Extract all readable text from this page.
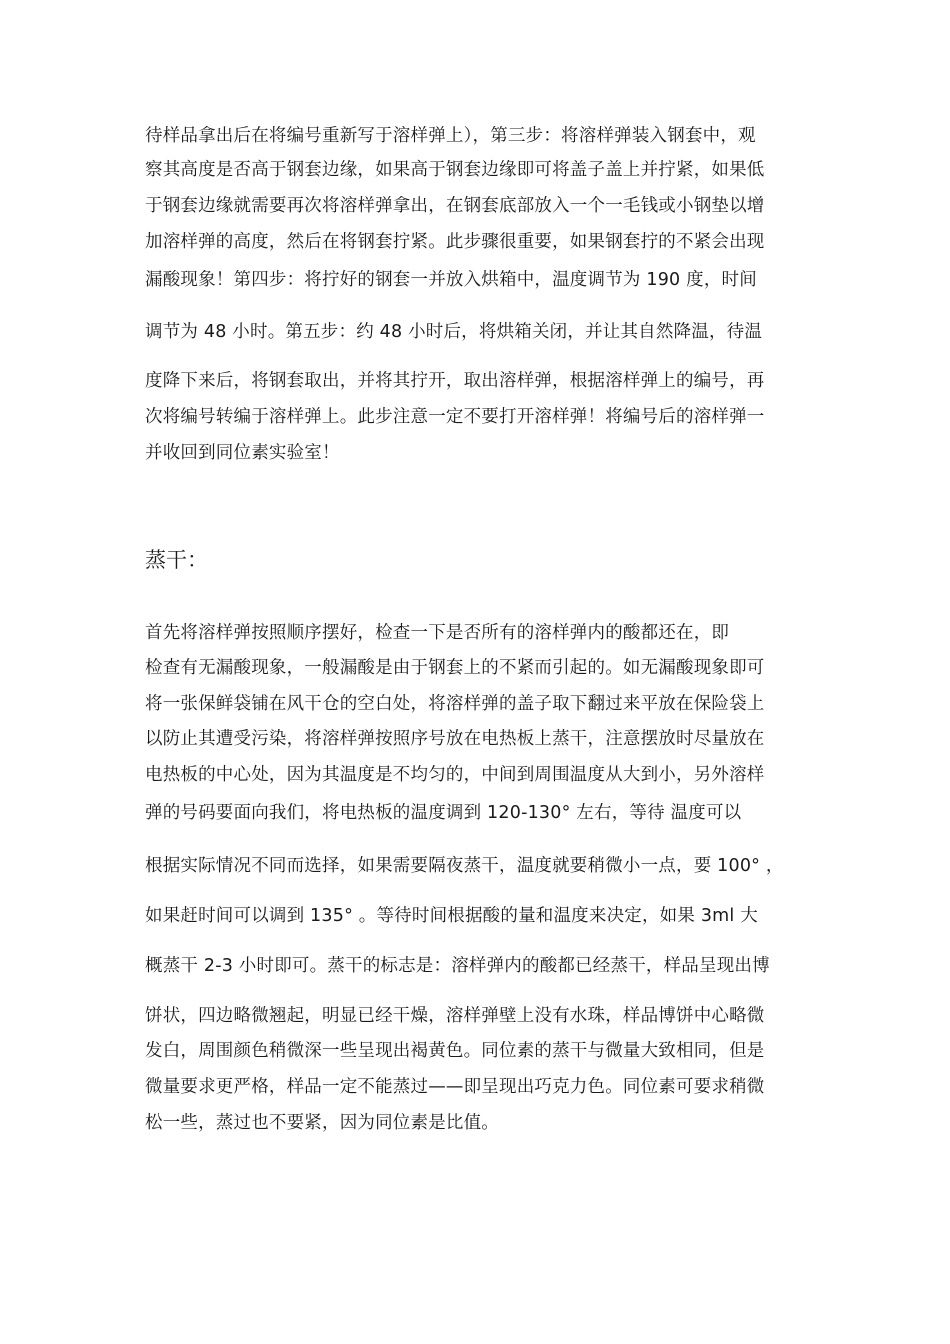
待样品拿出后在将编号重新写于溶样弹上），第三步：将溶样弹装入钢套中，观
察其高度是否高于钢套边缘，如果高于钢套边缘即可将盖子盖上并拧紧，如果低
于钢套边缘就需要再次将溶样弹拿出，在钢套底部放入一个一毛钱或小钢垫以增
加溶样弹的高度，然后在将钢套拧紧。此步骤很重要，如果钢套拧的不紧会出现
漏酸现象！第四步：将拧好的钢套一并放入烘箱中，温度调节为 190 度，时间
调节为 48 小时。第五步：约 48 小时后，将烘箱关闭，并让其自然降温，待温
度降下来后，将钢套取出，并将其拧开，取出溶样弹，根据溶样弹上的编号，再
次将编号转编于溶样弹上。此步注意一定不要打开溶样弹！将编号后的溶样弹一
并收回到同位素实验室！
蒸干：
首先将溶样弹按照顺序摆好，检查一下是否所有的溶样弹内的酸都还在，即
检查有无漏酸现象，一般漏酸是由于钢套上的不紧而引起的。如无漏酸现象即可
将一张保鲜袋铺在风干仓的空白处，将溶样弹的盖子取下翻过来平放在保险袋上
以防止其遭受污染，将溶样弹按照序号放在电热板上蒸干，注意摆放时尽量放在
电热板的中心处，因为其温度是不均匀的，中间到周围温度从大到小，另外溶样
弹的号码要面向我们，将电热板的温度调到 120-130° 左右，等待 温度可以
根据实际情况不同而选择，如果需要隔夜蒸干，温度就要稍微小一点，要 100° ，
如果赶时间可以调到 135° 。等待时间根据酸的量和温度来决定，如果 3ml 大
概蒸干 2-3 小时即可。蒸干的标志是：溶样弹内的酸都已经蒸干，样品呈现出博
饼状，四边略微翘起，明显已经干燥，溶样弹壁上没有水珠，样品博饼中心略微
发白，周围颜色稍微深一些呈现出褐黄色。同位素的蒸干与微量大致相同，但是
微量要求更严格，样品一定不能蒸过——即呈现出巧克力色。同位素可要求稍微
松一些，蒸过也不要紧，因为同位素是比值。
